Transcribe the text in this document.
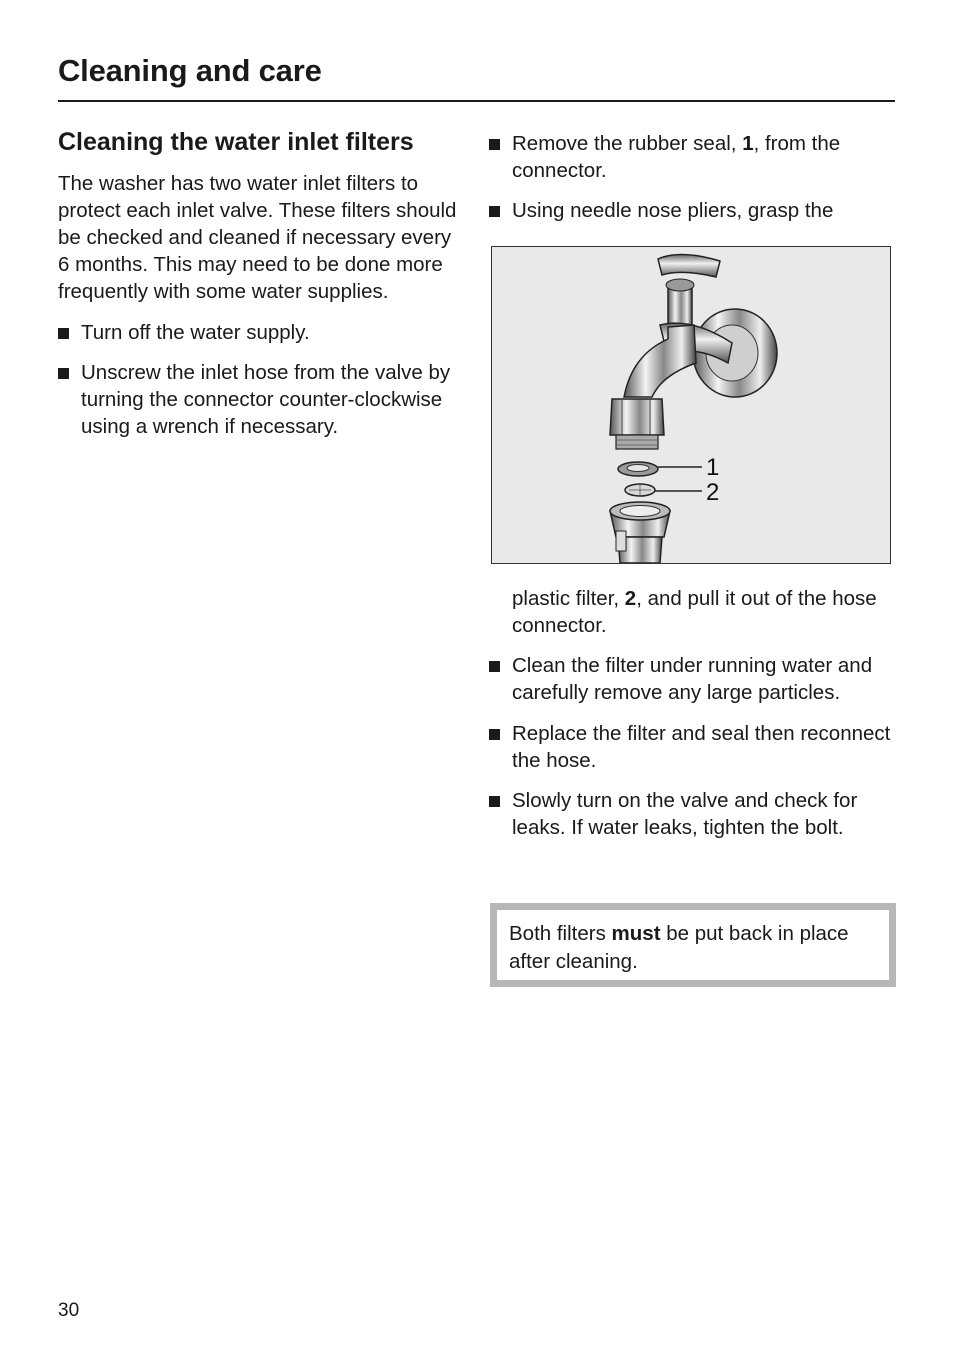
Cleaning and care
Cleaning the water inlet filters

The washer has two water inlet filters to protect each inlet valve. These filters should be checked and cleaned if necessary every 6 months. This may need to be done more frequently with some water supplies.

Turn off the water supply.
Unscrew the inlet hose from the valve by turning the connector counter-clockwise using a wrench if necessary.
Remove the rubber seal, 1, from the connector.
Using needle nose pliers, grasp the
1
2

plastic filter, 2, and pull it out of the hose connector.

Clean the filter under running water and carefully remove any large particles.
Replace the filter and seal then reconnect the hose.
Slowly turn on the valve and check for leaks. If water leaks, tighten the bolt.
Both filters must be put back in place after cleaning.
30
